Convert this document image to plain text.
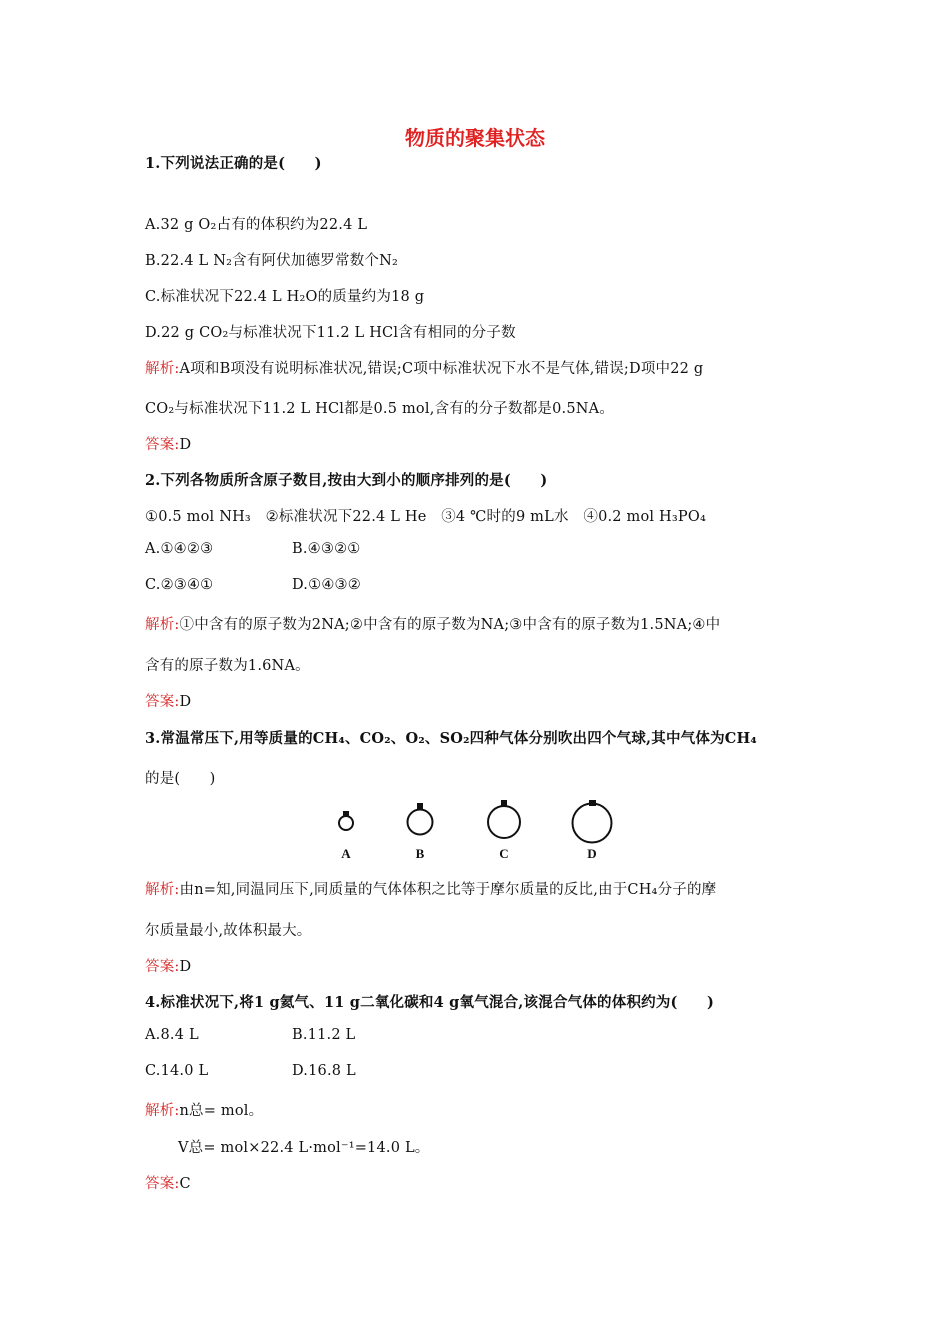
物质的聚集状态
1.下列说法正确的是(　　)
A.32 g O₂占有的体积约为22.4 L
B.22.4 L N₂含有阿伏加德罗常数个N₂
C.标准状况下22.4 L H₂O的质量约为18 g
D.22 g CO₂与标准状况下11.2 L HCl含有相同的分子数
解析:A项和B项没有说明标准状况,错误;C项中标准状况下水不是气体,错误;D项中22 g
CO₂与标准状况下11.2 L HCl都是0.5 mol,含有的分子数都是0.5NA。
答案:D
2.下列各物质所含原子数目,按由大到小的顺序排列的是(　　)
①0.5 mol NH₃　②标准状况下22.4 L He　③4 ℃时的9 mL水　④0.2 mol H₃PO₄
A.①④②③	B.④③②①
C.②③④①	D.①④③②
解析:①中含有的原子数为2NA;②中含有的原子数为NA;③中含有的原子数为1.5NA;④中
含有的原子数为1.6NA。
答案:D
3.常温常压下,用等质量的CH₄、CO₂、O₂、SO₂四种气体分别吹出四个气球,其中气体为CH₄
的是(　　)
A	B	C	D
解析:由n=知,同温同压下,同质量的气体体积之比等于摩尔质量的反比,由于CH₄分子的摩
尔质量最小,故体积最大。
答案:D
4.标准状况下,将1 g氦气、11 g二氧化碳和4 g氧气混合,该混合气体的体积约为(　　)
A.8.4 L	B.11.2 L
C.14.0 L	D.16.8 L
解析:n总= mol。
V总= mol×22.4 L·mol⁻¹=14.0 L。
答案:C
